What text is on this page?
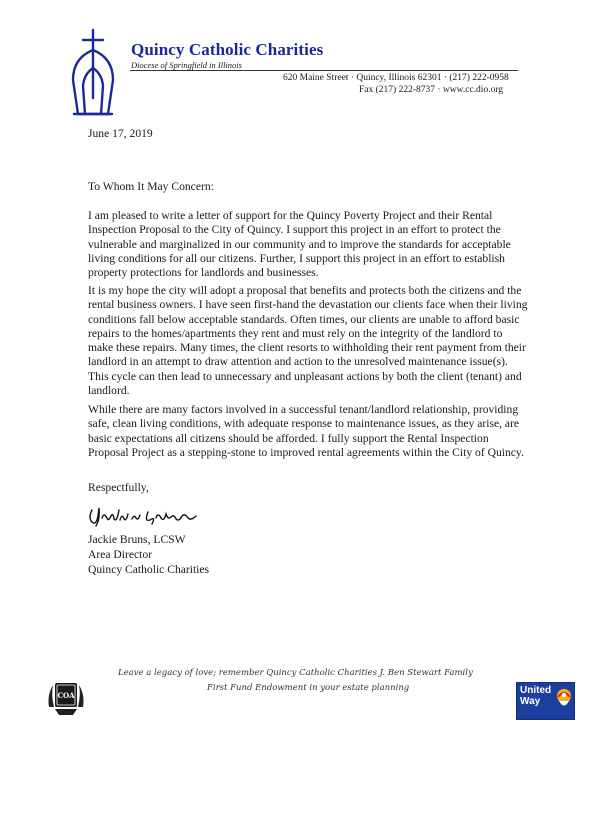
Quincy Catholic Charities
Diocese of Springfield in Illinois
620 Maine Street · Quincy, Illinois 62301 · (217) 222-0958
Fax (217) 222-8737 · www.cc.dio.org
June 17, 2019
To Whom It May Concern:

I am pleased to write a letter of support for the Quincy Poverty Project and their Rental Inspection Proposal to the City of Quincy. I support this project in an effort to protect the vulnerable and marginalized in our community and to improve the standards for acceptable living conditions for all our citizens. Further, I support this project in an effort to establish property protections for landlords and businesses.

It is my hope the city will adopt a proposal that benefits and protects both the citizens and the rental business owners. I have seen first-hand the devastation our clients face when their living conditions fall below acceptable standards. Often times, our clients are unable to afford basic repairs to the homes/apartments they rent and must rely on the integrity of the landlord to make these repairs. Many times, the client resorts to withholding their rent payment from their landlord in an attempt to draw attention and action to the unresolved maintenance issue(s). This cycle can then lead to unnecessary and unpleasant actions by both the client (tenant) and landlord.

While there are many factors involved in a successful tenant/landlord relationship, providing safe, clean living conditions, with adequate response to maintenance issues, as they arise, are basic expectations all citizens should be afforded. I fully support the Rental Inspection Proposal Project as a stepping-stone to improved rental agreements within the City of Quincy.

Respectfully,
Jackie Bruns, LCSW
Area Director
Quincy Catholic Charities
Leave a legacy of love; remember Quincy Catholic Charities J. Ben Stewart Family
First Fund Endowment in your estate planning
COA	United Way
